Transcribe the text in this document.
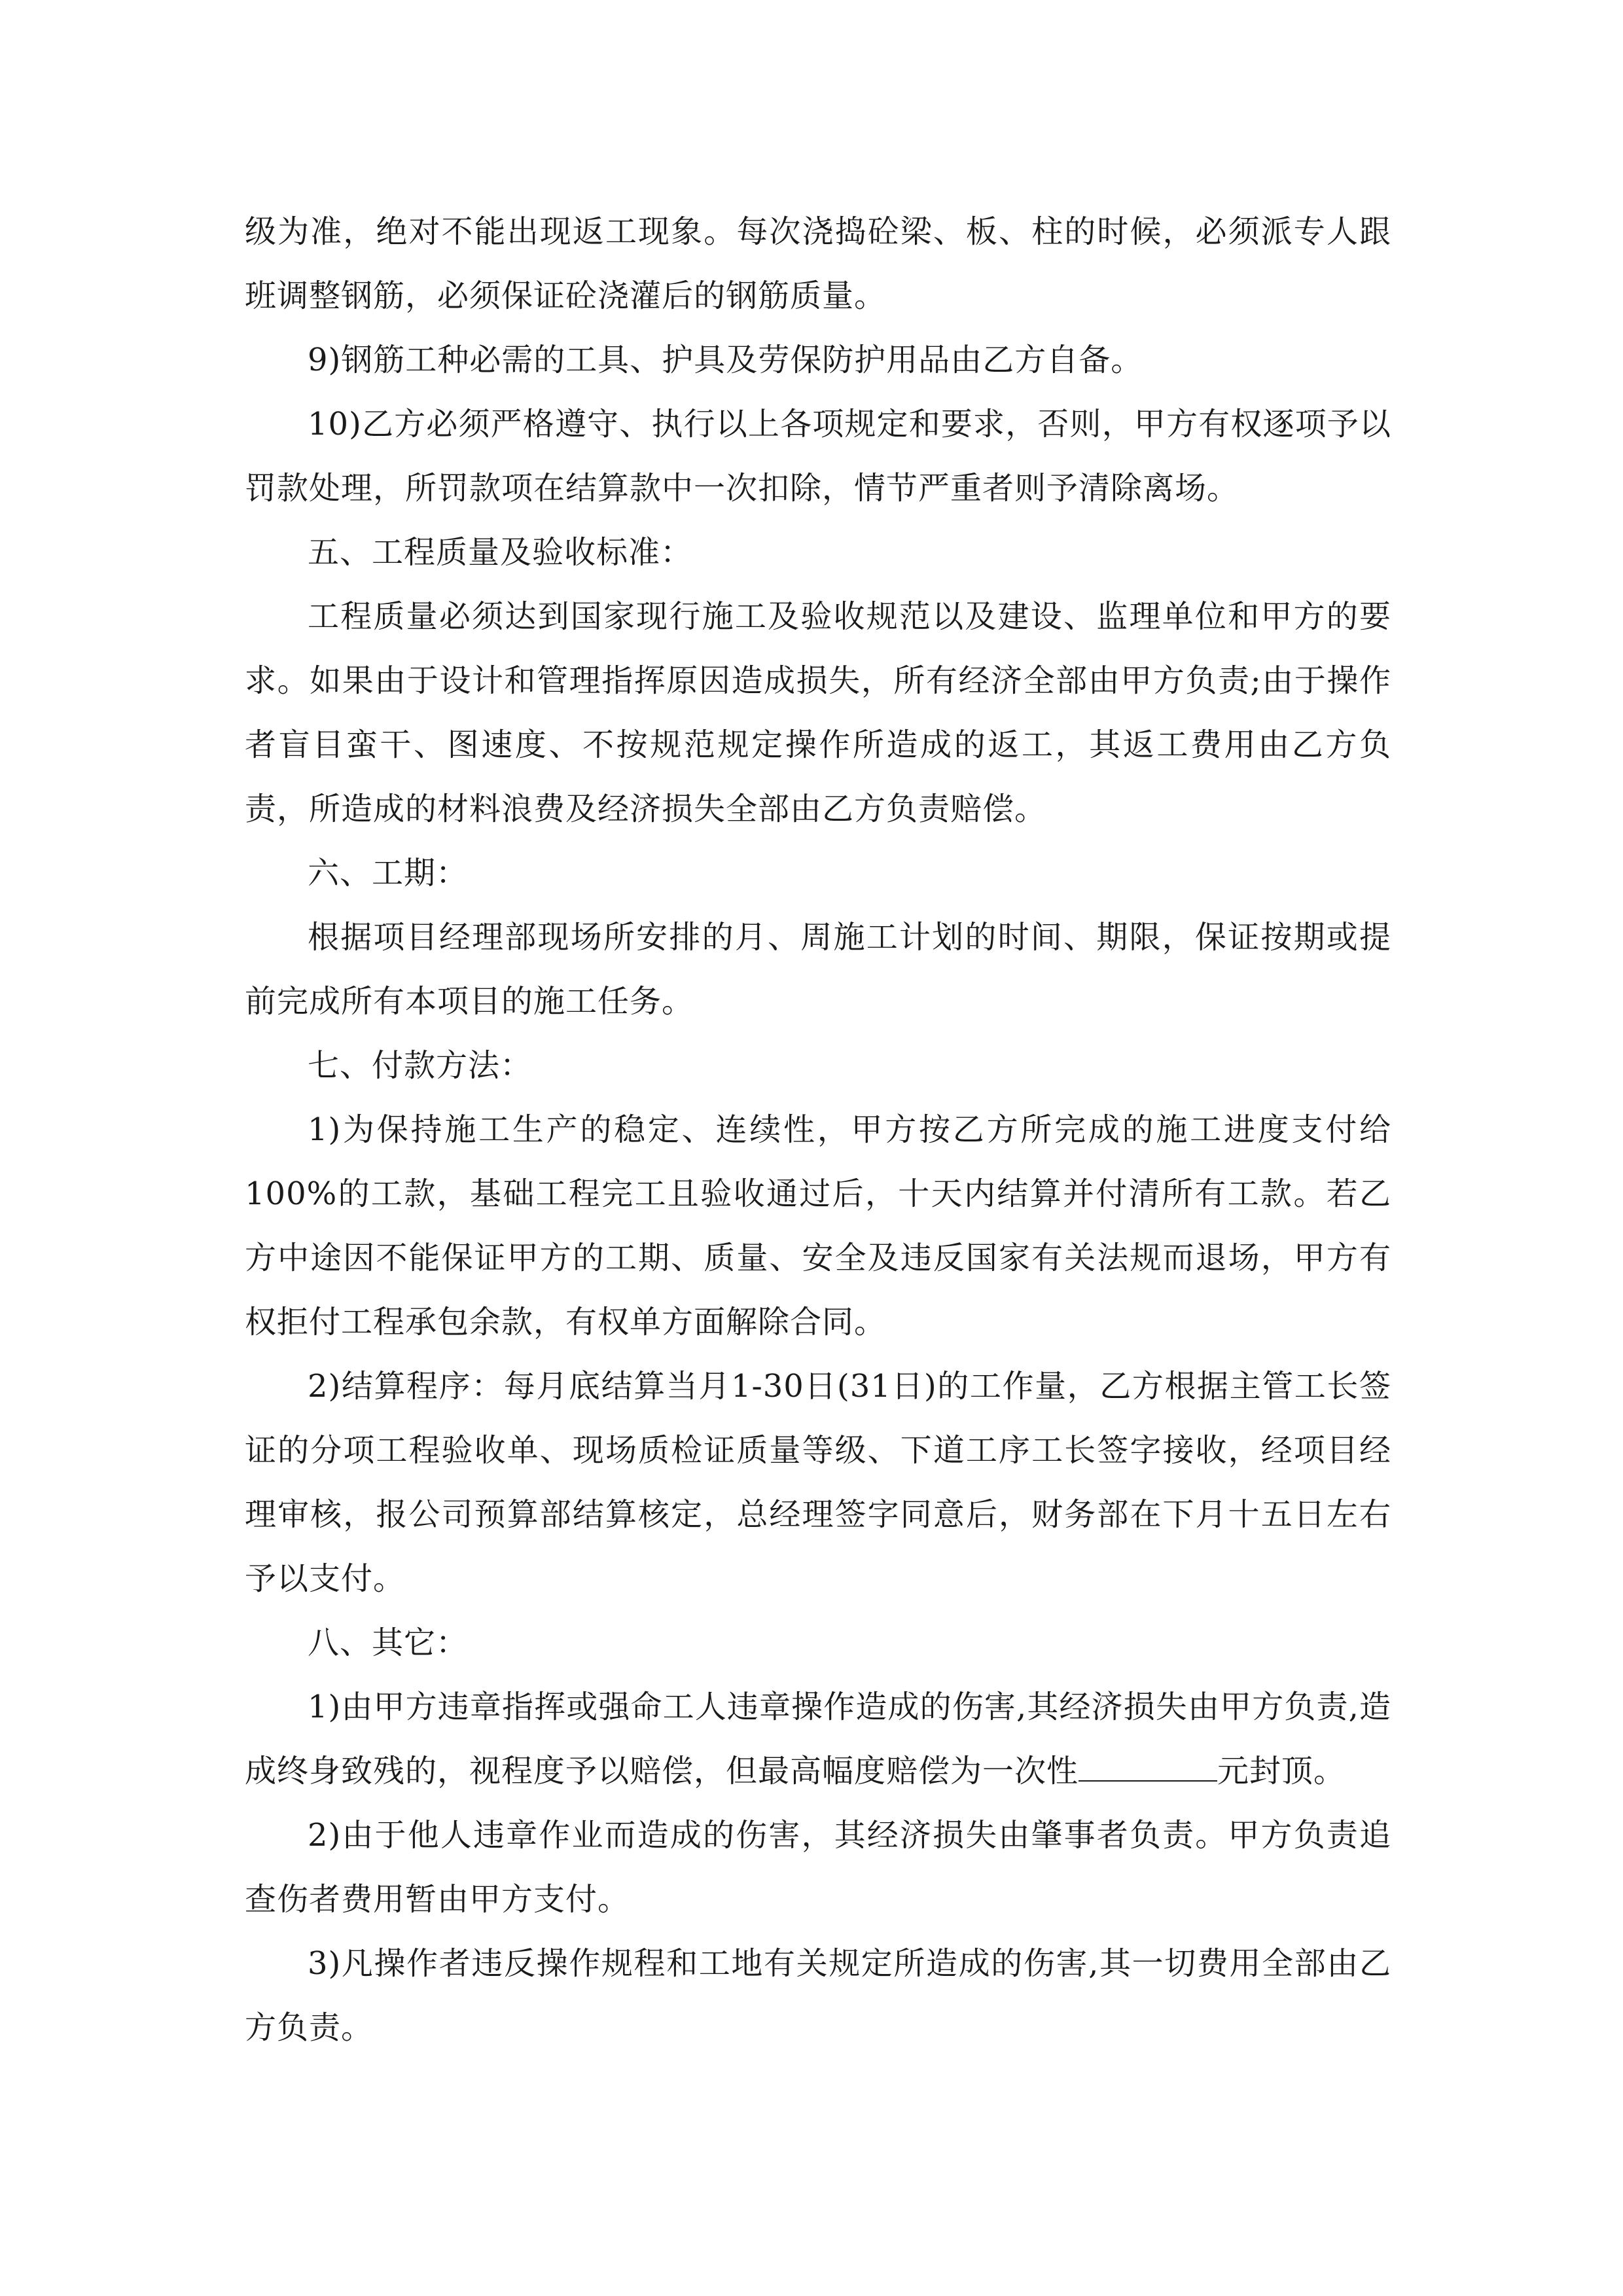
级为准，绝对不能出现返工现象。每次浇捣砼梁、板、柱的时候，必须派专人跟班调整钢筋，必须保证砼浇灌后的钢筋质量。

9)钢筋工种必需的工具、护具及劳保防护用品由乙方自备。

10)乙方必须严格遵守、执行以上各项规定和要求，否则，甲方有权逐项予以罚款处理，所罚款项在结算款中一次扣除，情节严重者则予清除离场。

五、工程质量及验收标准：

工程质量必须达到国家现行施工及验收规范以及建设、监理单位和甲方的要求。如果由于设计和管理指挥原因造成损失，所有经济全部由甲方负责;由于操作者盲目蛮干、图速度、不按规范规定操作所造成的返工，其返工费用由乙方负责，所造成的材料浪费及经济损失全部由乙方负责赔偿。

六、工期：

根据项目经理部现场所安排的月、周施工计划的时间、期限，保证按期或提前完成所有本项目的施工任务。

七、付款方法：

1)为保持施工生产的稳定、连续性，甲方按乙方所完成的施工进度支付给100%的工款，基础工程完工且验收通过后，十天内结算并付清所有工款。若乙方中途因不能保证甲方的工期、质量、安全及违反国家有关法规而退场，甲方有权拒付工程承包余款，有权单方面解除合同。

2)结算程序：每月底结算当月1-30日(31日)的工作量，乙方根据主管工长签证的分项工程验收单、现场质检证质量等级、下道工序工长签字接收，经项目经理审核，报公司预算部结算核定，总经理签字同意后，财务部在下月十五日左右予以支付。

八、其它：

1)由甲方违章指挥或强命工人违章操作造成的伤害,其经济损失由甲方负责,造成终身致残的，视程度予以赔偿，但最高幅度赔偿为一次性	元封顶。

2)由于他人违章作业而造成的伤害，其经济损失由肇事者负责。甲方负责追查伤者费用暂由甲方支付。

3)凡操作者违反操作规程和工地有关规定所造成的伤害,其一切费用全部由乙方负责。
